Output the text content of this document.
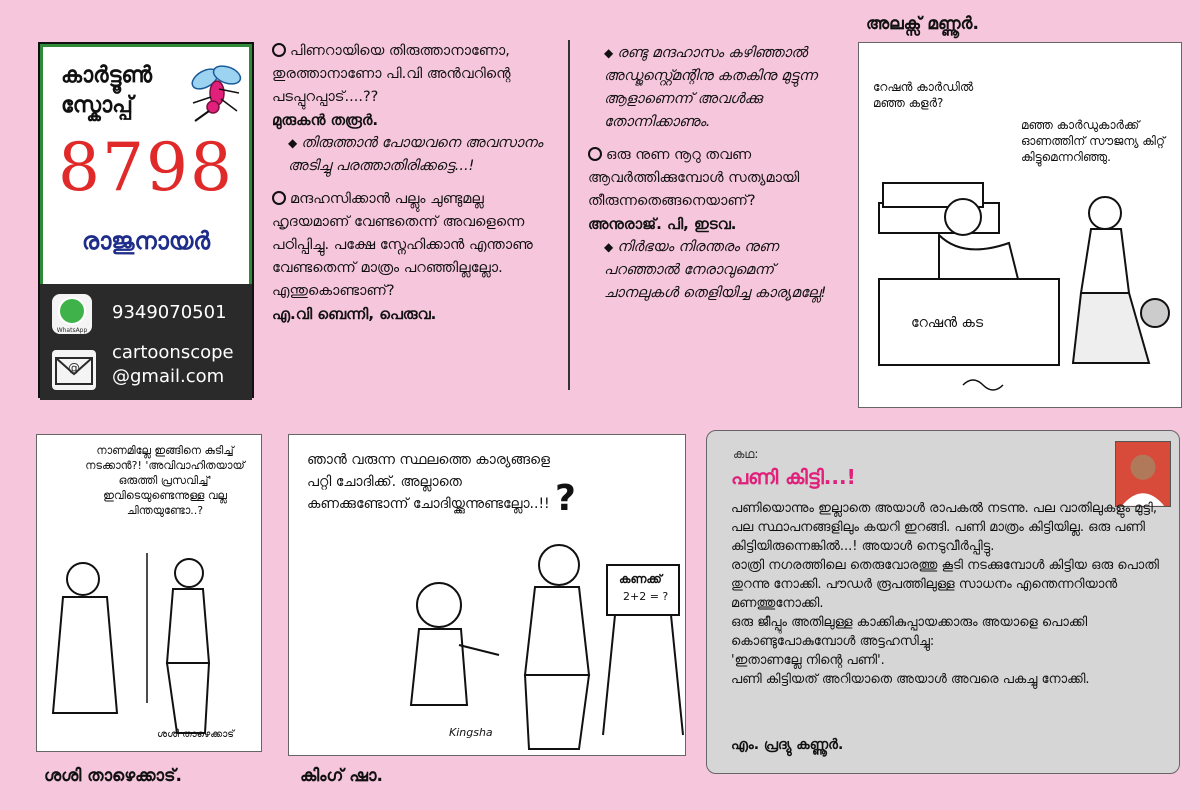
കാർട്ടൂൺ
സ്കോപ്പ്
8798
രാജുനായർ
WhatsApp
9349070501
@
cartoonscope
@gmail.com

പിണറായിയെ തിരുത്താനാണോ, തുരത്താനാണോ പി.വി അൻവറിന്റെ പടപ്പുറപ്പാട്....??

മുരുകൻ തരൂർ.

◆ തിരുത്താൻ പോയവനെ അവസാനം അടിച്ചു പരത്താതിരിക്കട്ടെ...!

മന്ദഹസിക്കാൻ പല്ലും ചുണ്ടുമല്ല ഹൃദയമാണ് വേണ്ടതെന്ന് അവളെന്നെ പഠിപ്പിച്ചു. പക്ഷേ സ്നേഹിക്കാൻ എന്താണു വേണ്ടതെന്ന് മാത്രം പറഞ്ഞില്ലല്ലോ. എന്തുകൊണ്ടാണ്?

എ.വി ബെന്നി, പെരുവ.

◆ രണ്ടു മന്ദഹാസം കഴിഞ്ഞാൽ അഡ്ജസ്റ്റ്മെന്റിനു കതകിനു മുട്ടുന്ന ആളാണെന്ന് അവൾക്കു തോന്നിക്കാണും.

ഒരു നുണ നൂറു തവണ ആവർത്തിക്കുമ്പോൾ സത്യമായി തീരുന്നതെങ്ങനെയാണ്?

അനുരാജ്. പി, ഇടവ.

◆ നിർഭയം നിരന്തരം നുണ പറഞ്ഞാൽ നേരാവുമെന്ന് ചാനലുകൾ തെളിയിച്ച കാര്യമല്ലേ!

അലക്സ് മണ്ണൂർ.
റേഷൻ കാർഡിൽ മഞ്ഞ കളർ?
മഞ്ഞ കാർഡുകാർക്ക് ഓണത്തിന് സൗജന്യ കിറ്റ് കിട്ടുമെന്നറിഞ്ഞു.
റേഷൻ കട
നാണമില്ലേ ഇങ്ങിനെ കുടിച്ച് നടക്കാൻ?! 'അവിവാഹിതയായ് ഒരുത്തി പ്രസവിച്ച്' ഇവിടെയുണ്ടെന്നുള്ള വല്ല ചിന്തയുണ്ടോ..?
ശശി താഴെക്കാട്
ശശി താഴെക്കാട്.
ഞാൻ വരുന്ന സ്ഥലത്തെ കാര്യങ്ങളെ പറ്റി ചോദിക്ക്. അല്ലാതെ കണക്കുണ്ടോന്ന് ചോദിയ്ക്കുന്നുണ്ടല്ലോ..!! ?
കണക്ക്
2+2 = ?
Kingsha
കിംഗ് ഷാ.
കഥ:
പണി കിട്ടി...!

പണിയൊന്നും ഇല്ലാതെ അയാൾ രാപകൽ നടന്നു. പല വാതിലുകളും മുട്ടി, പല സ്ഥാപനങ്ങളിലും കയറി ഇറങ്ങി. പണി മാത്രം കിട്ടിയില്ല. ഒരു പണി കിട്ടിയിരുന്നെങ്കിൽ...! അയാൾ നെടുവീർപ്പിട്ടു.

രാത്രി നഗരത്തിലെ തെരുവോരത്തു കൂടി നടക്കുമ്പോൾ കിട്ടിയ ഒരു പൊതി തുറന്നു നോക്കി. പൗഡർ രൂപത്തിലുള്ള സാധനം എന്തെന്നറിയാൻ മണത്തുനോക്കി.

ഒരു ജീപ്പും അതിലുള്ള കാക്കികുപ്പായക്കാരും അയാളെ പൊക്കി കൊണ്ടുപോകുമ്പോൾ അട്ടഹസിച്ചു:

'ഇതാണല്ലേ നിന്റെ പണി'.

പണി കിട്ടിയത് അറിയാതെ അയാൾ അവരെ പകച്ചു നോക്കി.

എം. പ്രദ്യു കണ്ണൂർ.
